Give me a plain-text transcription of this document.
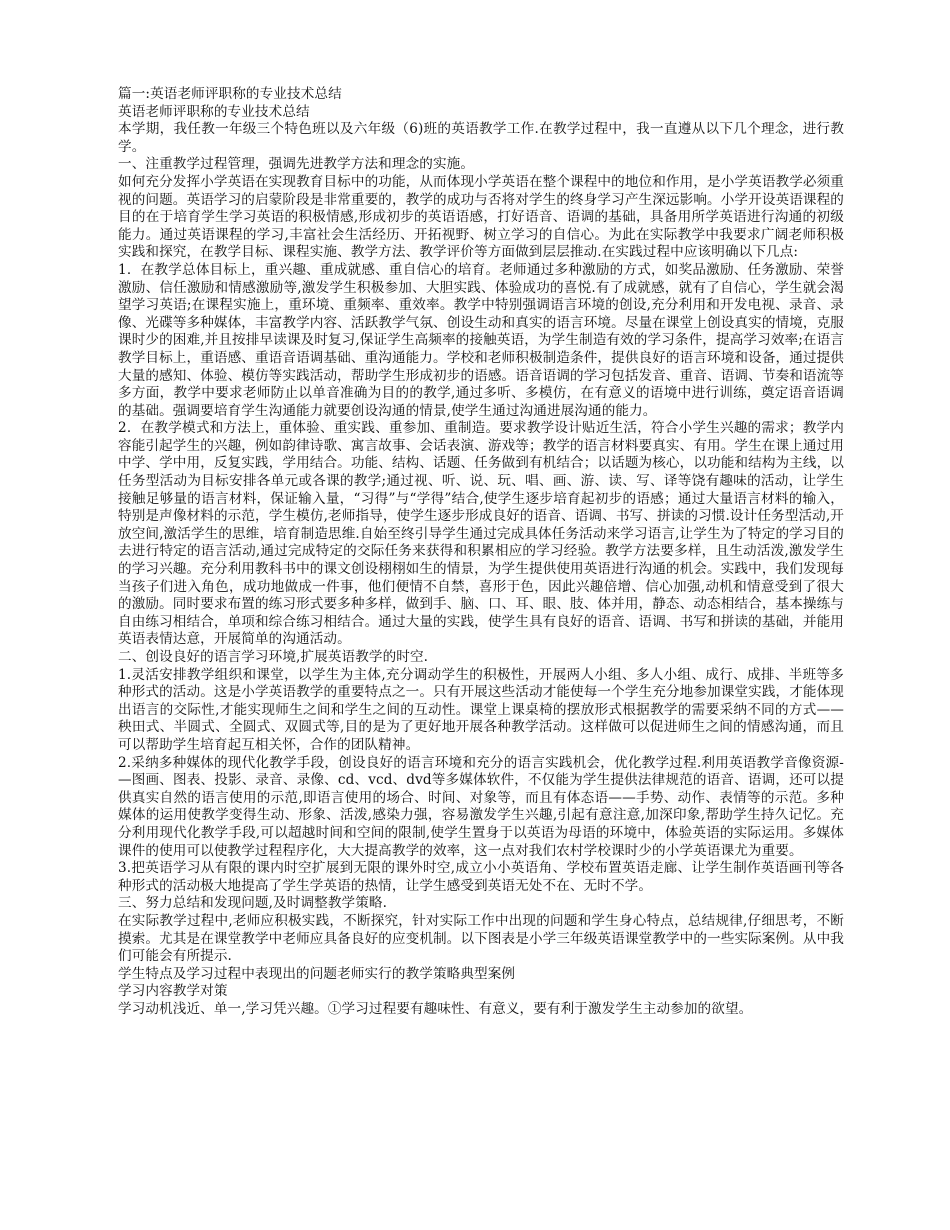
篇一:英语老师评职称的专业技术总结

英语老师评职称的专业技术总结

本学期，我任教一年级三个特色班以及六年级（6)班的英语教学工作.在教学过程中，我一直遵从以下几个理念，进行教学。

一、注重教学过程管理，强调先进教学方法和理念的实施。

如何充分发挥小学英语在实现教育目标中的功能，从而体现小学英语在整个课程中的地位和作用，是小学英语教学必须重视的问题。英语学习的启蒙阶段是非常重要的，教学的成功与否将对学生的终身学习产生深远影响。小学开设英语课程的目的在于培育学生学习英语的积极情感,形成初步的英语语感，打好语音、语调的基础，具备用所学英语进行沟通的初级能力。通过英语课程的学习,丰富社会生活经历、开拓视野、树立学习的自信心。为此在实际教学中我要求广阔老师积极实践和探究，在教学目标、课程实施、教学方法、教学评价等方面做到层层推动.在实践过程中应该明确以下几点:

1．在教学总体目标上，重兴趣、重成就感、重自信心的培育。老师通过多种激励的方式，如奖品激励、任务激励、荣誉激励、信任激励和情感激励等,激发学生积极参加、大胆实践、体验成功的喜悦.有了成就感，就有了自信心，学生就会渴望学习英语;在课程实施上，重环境、重频率、重效率。教学中特别强调语言环境的创设,充分利用和开发电视、录音、录像、光碟等多种媒体，丰富教学内容、活跃教学气氛、创设生动和真实的语言环境。尽量在课堂上创设真实的情境，克服课时少的困难,并且按排早读课及时复习,保证学生高频率的接触英语，为学生制造有效的学习条件，提高学习效率;在语言教学目标上，重语感、重语音语调基础、重沟通能力。学校和老师积极制造条件，提供良好的语言环境和设备，通过提供大量的感知、体验、模仿等实践活动，帮助学生形成初步的语感。语音语调的学习包括发音、重音、语调、节奏和语流等多方面，教学中要求老师防止以单音准确为目的的教学,通过多听、多模仿，在有意义的语境中进行训练，奠定语音语调的基础。强调要培育学生沟通能力就要创设沟通的情景,使学生通过沟通进展沟通的能力。

2．在教学模式和方法上，重体验、重实践、重参加、重制造。要求教学设计贴近生活，符合小学生兴趣的需求；教学内容能引起学生的兴趣，例如韵律诗歌、寓言故事、会话表演、游戏等；教学的语言材料要真实、有用。学生在课上通过用中学、学中用，反复实践，学用结合。功能、结构、话题、任务做到有机结合；以话题为核心，以功能和结构为主线，以任务型活动为目标安排各单元或各课的教学;通过视、听、说、玩、唱、画、游、读、写、译等饶有趣味的活动，让学生接触足够量的语言材料，保证输入量，“习得”与“学得”结合,使学生逐步培育起初步的语感；通过大量语言材料的输入，特别是声像材料的示范，学生模仿,老师指导，使学生逐步形成良好的语音、语调、书写、拼读的习惯.设计任务型活动,开放空间,激活学生的思维，培育制造思维.自始至终引导学生通过完成具体任务活动来学习语言,让学生为了特定的学习目的去进行特定的语言活动,通过完成特定的交际任务来获得和积累相应的学习经验。教学方法要多样，且生动活泼,激发学生的学习兴趣。充分利用教科书中的课文创设栩栩如生的情景，为学生提供使用英语进行沟通的机会。实践中，我们发现每当孩子们进入角色，成功地做成一件事，他们便情不自禁，喜形于色，因此兴趣倍增、信心加强,动机和情意受到了很大的激励。同时要求布置的练习形式要多种多样，做到手、脑、口、耳、眼、肢、体并用，静态、动态相结合，基本操练与自由练习相结合，单项和综合练习相结合。通过大量的实践，使学生具有良好的语音、语调、书写和拼读的基础，并能用英语表情达意，开展简单的沟通活动。

二、创设良好的语言学习环境,扩展英语教学的时空.

1.灵活安排教学组织和课堂，以学生为主体,充分调动学生的积极性，开展两人小组、多人小组、成行、成排、半班等多种形式的活动。这是小学英语教学的重要特点之一。只有开展这些活动才能使每一个学生充分地参加课堂实践，才能体现出语言的交际性,才能实现师生之间和学生之间的互动性。课堂上课桌椅的摆放形式根据教学的需要采纳不同的方式——秧田式、半圆式、全圆式、双圆式等,目的是为了更好地开展各种教学活动。这样做可以促进师生之间的情感沟通，而且可以帮助学生培育起互相关怀，合作的团队精神。

2.采纳多种媒体的现代化教学手段，创设良好的语言环境和充分的语言实践机会，优化教学过程.利用英语教学音像资源-—图画、图表、投影、录音、录像、cd、vcd、dvd等多媒体软件，不仅能为学生提供法律规范的语音、语调，还可以提供真实自然的语言使用的示范,即语言使用的场合、时间、对象等，而且有体态语——手势、动作、表情等的示范。多种媒体的运用使教学变得生动、形象、活泼,感染力强，容易激发学生兴趣,引起有意注意,加深印象,帮助学生持久记忆。充分利用现代化教学手段,可以超越时间和空间的限制,使学生置身于以英语为母语的环境中，体验英语的实际运用。多媒体课件的使用可以使教学过程程序化，大大提高教学的效率，这一点对我们农村学校课时少的小学英语课尤为重要。

3.把英语学习从有限的课内时空扩展到无限的课外时空,成立小小英语角、学校布置英语走廊、让学生制作英语画刊等各种形式的活动极大地提高了学生学英语的热情，让学生感受到英语无处不在、无时不学。

三、努力总结和发现问题,及时调整教学策略.

在实际教学过程中,老师应积极实践，不断探究，针对实际工作中出现的问题和学生身心特点，总结规律,仔细思考，不断摸索。尤其是在课堂教学中老师应具备良好的应变机制。以下图表是小学三年级英语课堂教学中的一些实际案例。从中我们可能会有所提示.

学生特点及学习过程中表现出的问题老师实行的教学策略典型案例

学习内容教学对策

学习动机浅近、单一,学习凭兴趣。①学习过程要有趣味性、有意义，要有利于激发学生主动参加的欲望。
